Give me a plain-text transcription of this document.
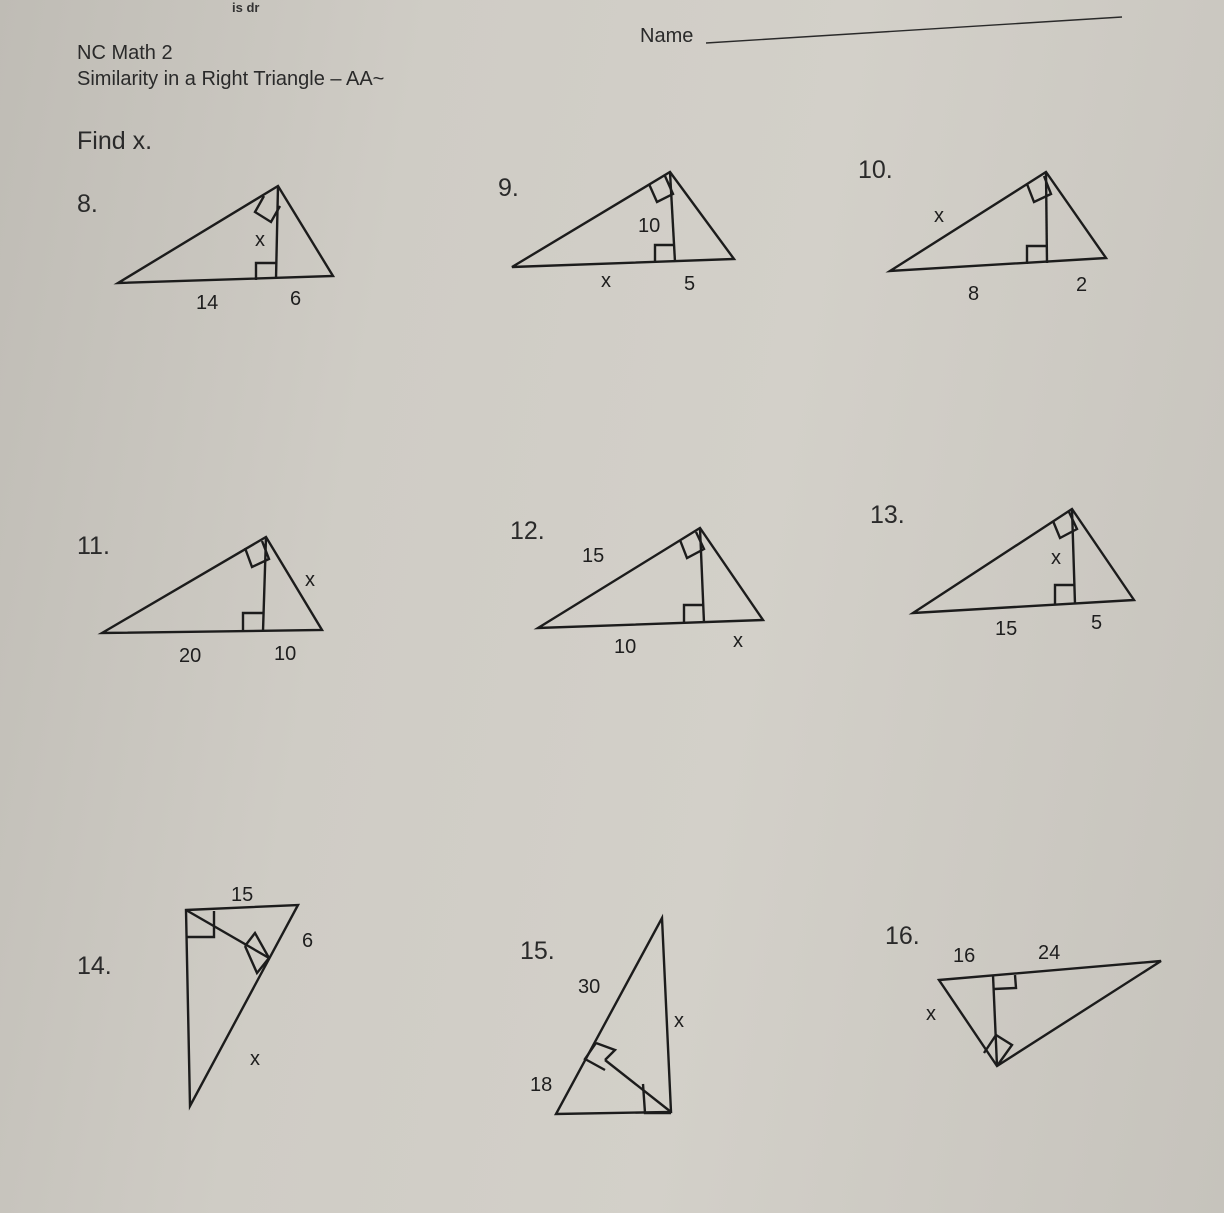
is dr
NC Math 2
Similarity in a Right Triangle – AA~
Name
Find x.
8.
x
14	6
9.
10
x	5
10.
x
8	2
11.
x
20	10
12.
15
10	x
13.
x
15	5
14.
15
6
x
15.
30
18
x
16.
16	24
x
